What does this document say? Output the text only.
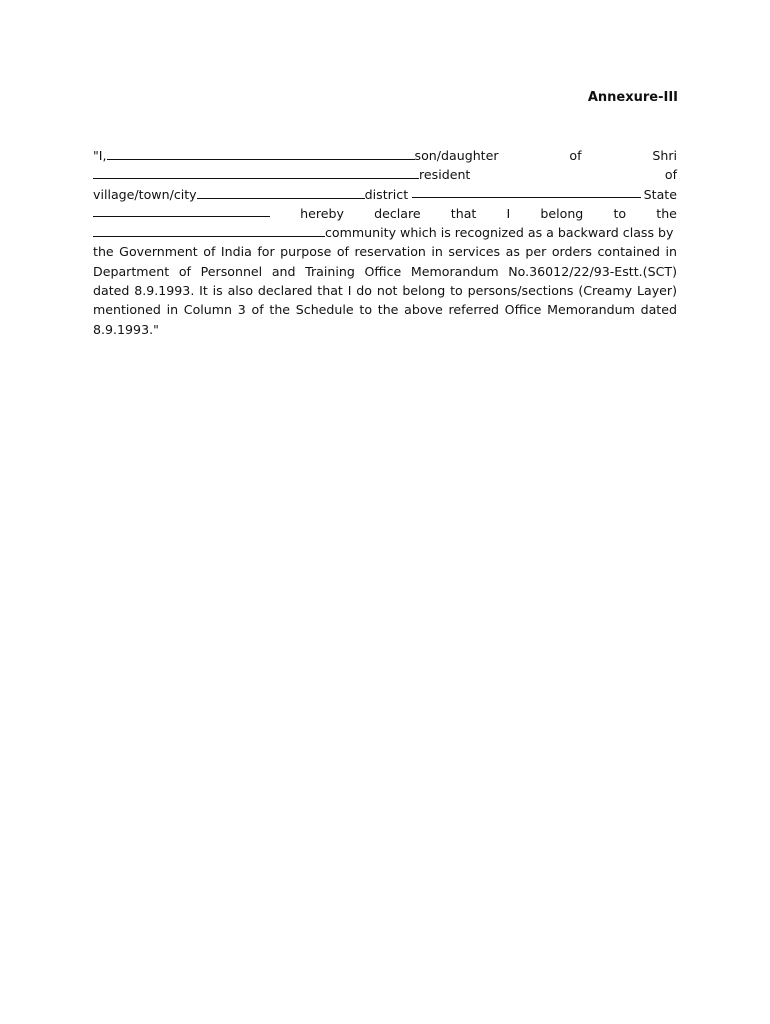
Annexure-III
"I,	son/daughter	of	Shri
resident	of
village/town/city	district	State
hereby declare that I belong to the
community which is recognized as a backward class by
the Government of India for purpose of reservation in services as per orders contained in Department of Personnel and Training Office Memorandum No.36012/22/93-Estt.(SCT) dated 8.9.1993. It is also declared that I do not belong to persons/sections (Creamy Layer) mentioned in Column 3 of the Schedule to the above referred Office Memorandum dated 8.9.1993."
